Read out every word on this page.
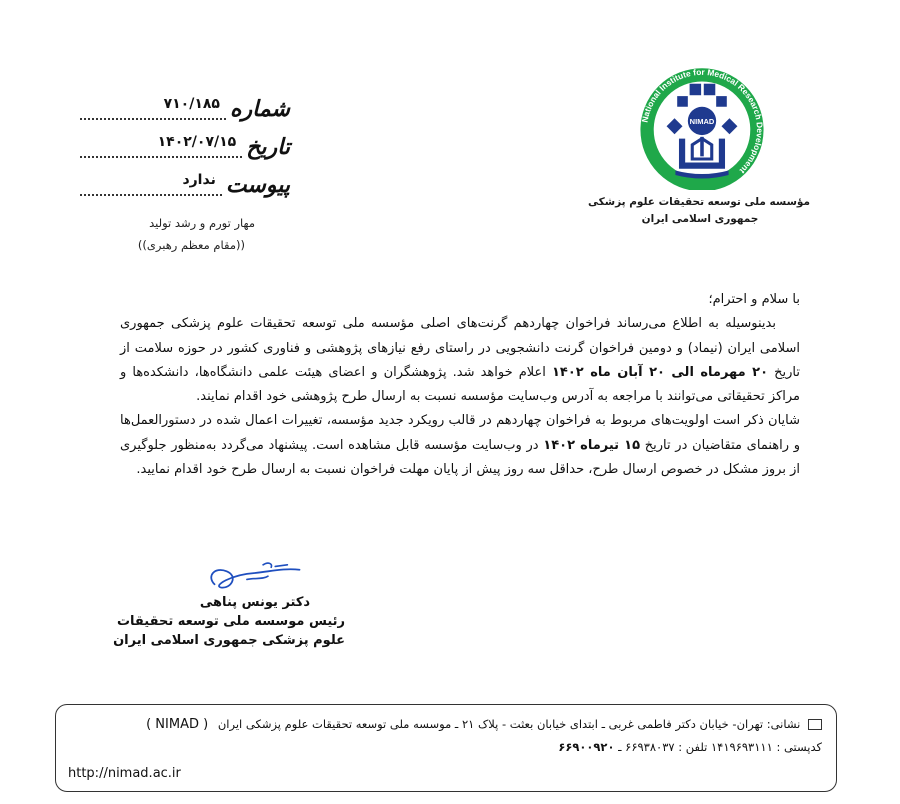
National Institute for Medical Research Development
NIMAD
مؤسسه ملی توسعه تحقیقات علوم پزشکی
جمهوری اسلامی ایران
شماره
۷۱۰/۱۸۵
تاریخ
۱۴۰۲/۰۷/۱۵
پیوست
ندارد
مهار تورم و رشد تولید
((مقام معظم رهبری))

با سلام و احترام؛

بدینوسیله به اطلاع می‌رساند فراخوان چهاردهم گرنت‌های اصلی مؤسسه ملی توسعه تحقیقات علوم پزشکی جمهوری اسلامی ایران (نیماد) و دومین فراخوان گرنت دانشجویی در راستای رفع نیازهای پژوهشی و فناوری کشور در حوزه سلامت از تاریخ ۲۰ مهرماه الی ۲۰ آبان ماه ۱۴۰۲ اعلام خواهد شد. پژوهشگران و اعضای هیئت علمی دانشگاه‌ها، دانشکده‌ها و مراکز تحقیقاتی می‌توانند با مراجعه به آدرس وب‌سایت مؤسسه نسبت به ارسال طرح پژوهشی خود اقدام نمایند.

شایان ذکر است اولویت‌های مربوط به فراخوان چهاردهم در قالب رویکرد جدید مؤسسه، تغییرات اعمال شده در دستورالعمل‌ها و راهنمای متقاضیان در تاریخ ۱۵ تیرماه ۱۴۰۲ در وب‌سایت مؤسسه قابل مشاهده است. پیشنهاد می‌گردد به‌منظور جلوگیری از بروز مشکل در خصوص ارسال طرح، حداقل سه روز پیش از پایان مهلت فراخوان نسبت به ارسال طرح خود اقدام نمایید.

دکتر یونس پناهی
رئیس موسسه ملی توسعه تحقیقات
علوم پزشکی جمهوری اسلامی ایران
نشانی: تهران- خیابان دکتر فاطمی غربی ـ ابتدای خیابان بعثت - پلاک ۲۱ ـ موسسه ملی توسعه تحقیقات علوم پزشکی ایران ( NIMAD )
کدپستی : ۱۴۱۹۶۹۳۱۱۱ تلفن : ۶۶۹۳۸۰۳۷ ـ ۶۶۹۰۰۹۲۰
http://nimad.ac.ir
